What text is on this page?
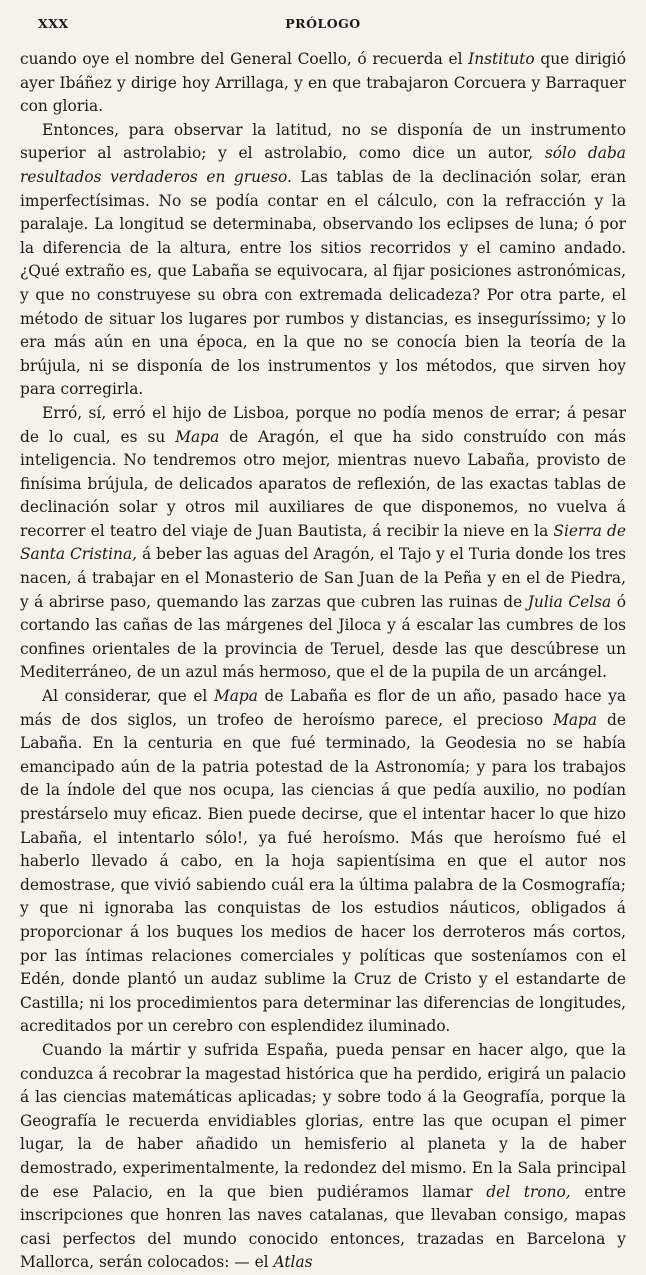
XXX	PRÓLOGO

cuando oye el nombre del General Coello, ó recuerda el Instituto que dirigió ayer Ibáñez y dirige hoy Arrillaga, y en que trabajaron Corcuera y Barraquer con gloria.

Entonces, para observar la latitud, no se disponía de un instrumento superior al astrolabio; y el astrolabio, como dice un autor, sólo daba resultados verdaderos en grueso. Las tablas de la declinación solar, eran imperfectísimas. No se podía contar en el cálculo, con la refracción y la paralaje. La longitud se determinaba, observando los eclipses de luna; ó por la diferencia de la altura, entre los sitios recorridos y el camino andado. ¿Qué extraño es, que Labaña se equivocara, al fijar posiciones astronómicas, y que no construyese su obra con extremada delicadeza? Por otra parte, el método de situar los lugares por rumbos y distancias, es inseguríssimo; y lo era más aún en una época, en la que no se conocía bien la teoría de la brújula, ni se disponía de los instrumentos y los métodos, que sirven hoy para corregirla.

Erró, sí, erró el hijo de Lisboa, porque no podía menos de errar; á pesar de lo cual, es su Mapa de Aragón, el que ha sido construído con más inteligencia. No tendremos otro mejor, mientras nuevo Labaña, provisto de finísima brújula, de delicados aparatos de reflexión, de las exactas tablas de declinación solar y otros mil auxiliares de que disponemos, no vuelva á recorrer el teatro del viaje de Juan Bautista, á recibir la nieve en la Sierra de Santa Cristina, á beber las aguas del Aragón, el Tajo y el Turia donde los tres nacen, á trabajar en el Monasterio de San Juan de la Peña y en el de Piedra, y á abrirse paso, quemando las zarzas que cubren las ruinas de Julia Celsa ó cortando las cañas de las márgenes del Jiloca y á escalar las cumbres de los confines orientales de la provincia de Teruel, desde las que descúbrese un Mediterráneo, de un azul más hermoso, que el de la pupila de un arcángel.

Al considerar, que el Mapa de Labaña es flor de un año, pasado hace ya más de dos siglos, un trofeo de heroísmo parece, el precioso Mapa de Labaña. En la centuria en que fué terminado, la Geodesia no se había emancipado aún de la patria potestad de la Astronomía; y para los trabajos de la índole del que nos ocupa, las ciencias á que pedía auxilio, no podían prestárselo muy eficaz. Bien puede decirse, que el intentar hacer lo que hizo Labaña, el intentarlo sólo!, ya fué heroísmo. Más que heroísmo fué el haberlo llevado á cabo, en la hoja sapientísima en que el autor nos demostrase, que vivió sabiendo cuál era la última palabra de la Cosmografía; y que ni ignoraba las conquistas de los estudios náuticos, obligados á proporcionar á los buques los medios de hacer los derroteros más cortos, por las íntimas relaciones comerciales y políticas que sosteníamos con el Edén, donde plantó un audaz sublime la Cruz de Cristo y el estandarte de Castilla; ni los procedimientos para determinar las diferencias de longitudes, acreditados por un cerebro con esplendidez iluminado.

Cuando la mártir y sufrida España, pueda pensar en hacer algo, que la conduzca á recobrar la magestad histórica que ha perdido, erigirá un palacio á las ciencias matemáticas aplicadas; y sobre todo á la Geografía, porque la Geografía le recuerda envidiables glorias, entre las que ocupan el pimer lugar, la de haber añadido un hemisferio al planeta y la de haber demostrado, experimentalmente, la redondez del mismo. En la Sala principal de ese Palacio, en la que bien pudiéramos llamar del trono, entre inscripciones que honren las naves catalanas, que llevaban consigo, mapas casi perfectos del mundo conocido entonces, trazadas en Barcelona y Mallorca, serán colocados: — el Atlas
